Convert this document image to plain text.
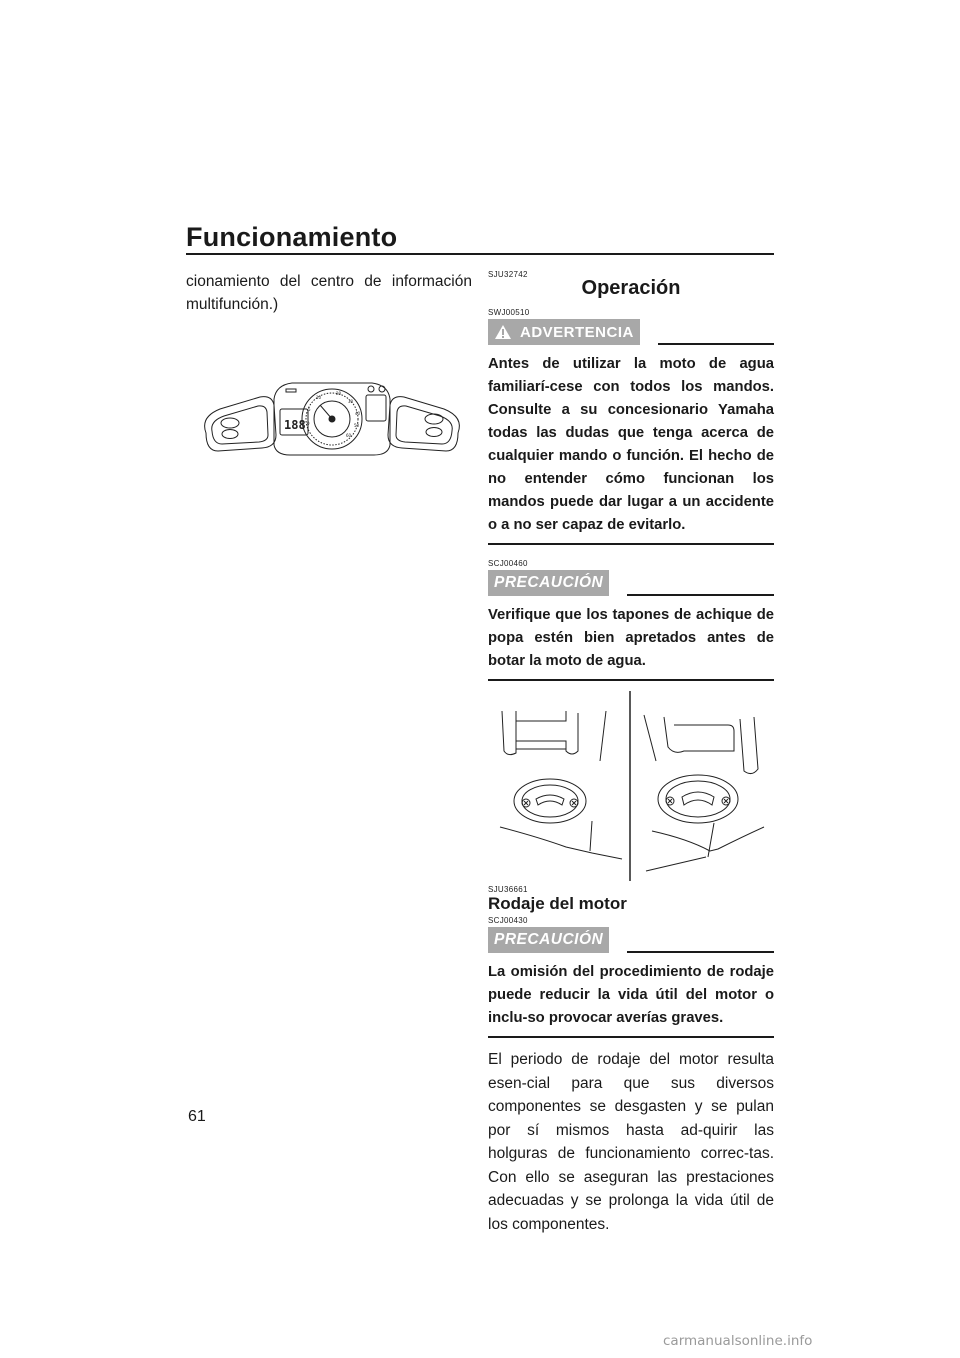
Funcionamiento
61
cionamiento del centro de información multifunción.)
10
20
30
40
50
60
5
0
188
SJU32742
Operación
SWJ00510
ADVERTENCIA
Antes de utilizar la moto de agua familiarí-cese con todos los mandos. Consulte a su concesionario Yamaha todas las dudas que tenga acerca de cualquier mando o función. El hecho de no entender cómo funcionan los mandos puede dar lugar a un accidente o a no ser capaz de evitarlo.
SCJ00460
PRECAUCIÓN
Verifique que los tapones de achique de popa estén bien apretados antes de botar la moto de agua.
SJU36661
Rodaje del motor
SCJ00430
PRECAUCIÓN
La omisión del procedimiento de rodaje puede reducir la vida útil del motor o inclu-so provocar averías graves.
El periodo de rodaje del motor resulta esen-cial para que sus diversos componentes se desgasten y se pulan por sí mismos hasta ad-quirir las holguras de funcionamiento correc-tas. Con ello se aseguran las prestaciones adecuadas y se prolonga la vida útil de los componentes.
carmanualsonline.info
